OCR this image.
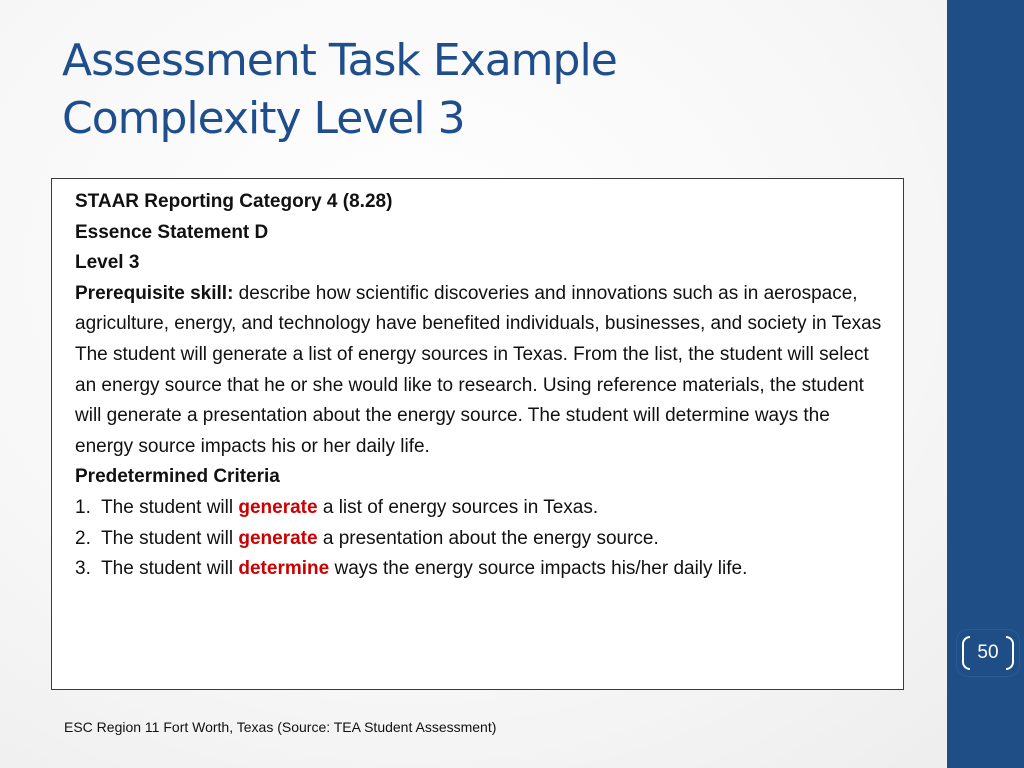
Assessment Task Example
Complexity Level 3

STAAR Reporting Category 4 (8.28)

Essence Statement D

Level 3

Prerequisite skill: describe how scientific discoveries and innovations such as in aerospace, agriculture, energy, and technology have benefited individuals, businesses, and society in Texas

The student will generate a list of energy sources in Texas. From the list, the student will select an energy source that he or she would like to research. Using reference materials, the student will generate a presentation about the energy source. The student will determine ways the energy source impacts his or her daily life.

Predetermined Criteria

1.  The student will generate a list of energy sources in Texas.
2.  The student will generate a presentation about the energy source.
3.  The student will determine ways the energy source impacts his/her daily life.
50
ESC Region 11 Fort Worth, Texas (Source: TEA Student Assessment)
